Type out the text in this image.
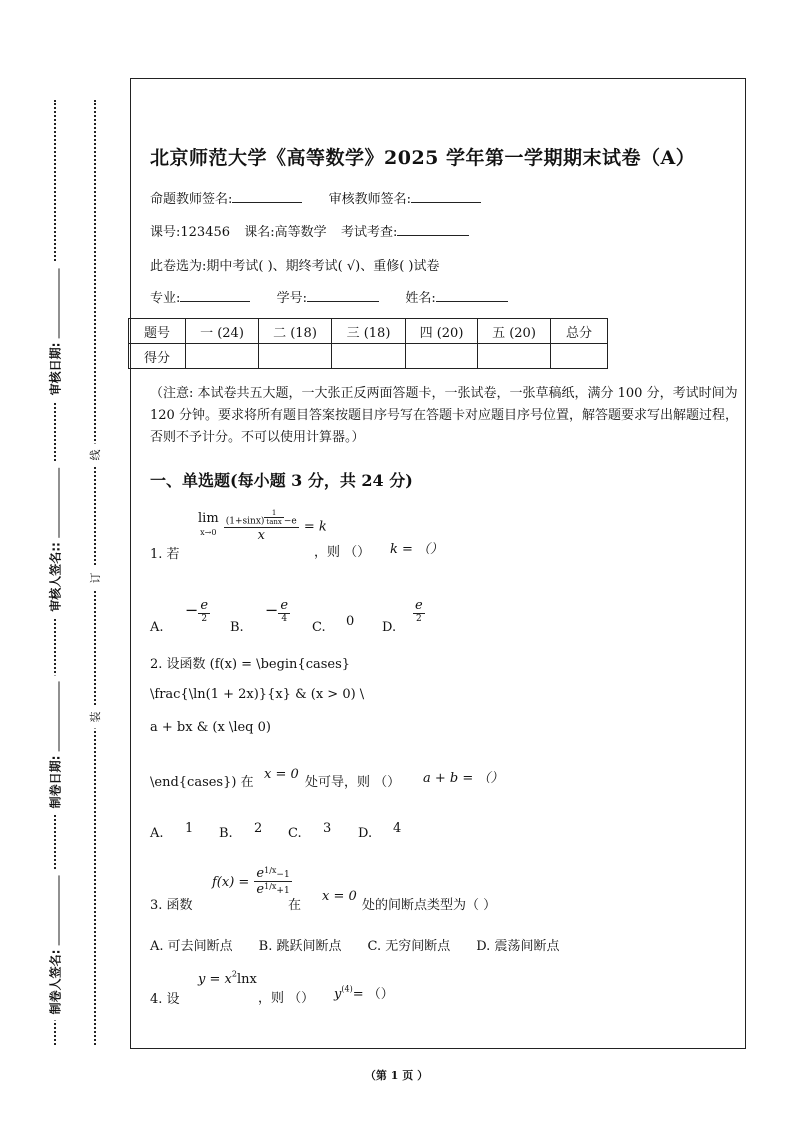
审核日期:
审核人签名::
制卷日期:
制卷人签名:
线
订
装
北京师范大学《高等数学》2025 学年第一学期期末试卷（A）
命题教师签名:	审核教师签名:
课号:123456 课名:高等数学 考试考查:
此卷选为:期中考试( )、期终考试( √)、重修( )试卷
专业:	学号:	姓名:
题号	一 (24)	二 (18)	三 (18)	四 (20)	五 (20)	总分
得分						
（注意: 本试卷共五大题，一大张正反两面答题卡，一张试卷，一张草稿纸，满分 100 分，考试时间为 120 分钟。要求将所有题目答案按题目序号写在答题卡对应题目序号位置，解答题要求写出解题过程，否则不予计分。不可以使用计算器。）
一、单选题(每小题 3 分，共 24 分)
lim
x→0 (1+sinx) $^{\frac{1}{\tan x}}$ −e
x = k
1. 若	，则 （） k = （）
A.
− $\frac{e}{2}$
B.
− $\frac{e}{4}$
C. 0 D.
$\frac{e}{2}$
2. 设函数 (f(x) = \begin{cases}
\frac{\ln(1 + 2x)}{x} & (x > 0) \
a + bx & (x \leq 0)
\end{cases}) 在
x = 0
处可导，则 （） a + b = （）
A. 1 B. 2 C. 3 D. 4
3. 函数
$f(x) = \frac{e^{1/x}-1}{e^{1/x}+1}$
在
x = 0
处的间断点类型为（ ）
A. 可去间断点　　B. 跳跃间断点　　C. 无穷间断点　　D. 震荡间断点
4. 设
$y = x^2\ln x$
，则 （） $y^{(4)}=$ （）
（第 1 页 ）
